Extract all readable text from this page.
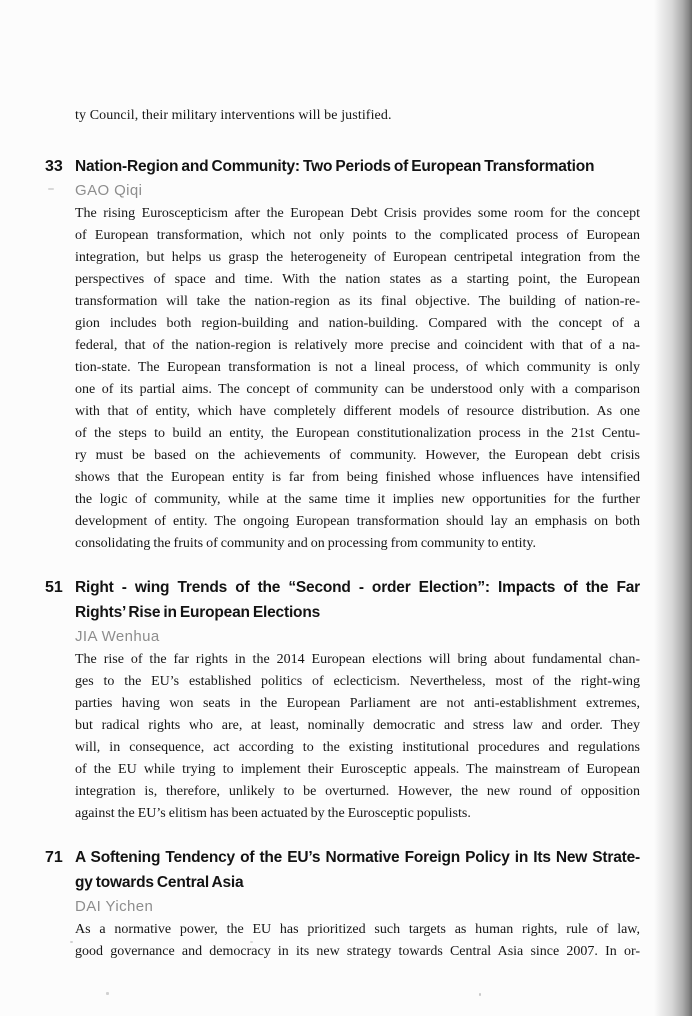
ty Council, their military interventions will be justified.

33 Nation-Region and Community: Two Periods of European Transformation
GAO Qiqi
The rising Euroscepticism after the European Debt Crisis provides some room for the concept
of European transformation, which not only points to the complicated process of European
integration, but helps us grasp the heterogeneity of European centripetal integration from the
perspectives of space and time. With the nation states as a starting point, the European
transformation will take the nation-region as its final objective. The building of nation-re-
gion includes both region-building and nation-building. Compared with the concept of a
federal, that of the nation-region is relatively more precise and coincident with that of a na-
tion-state. The European transformation is not a lineal process, of which community is only
one of its partial aims. The concept of community can be understood only with a comparison
with that of entity, which have completely different models of resource distribution. As one
of the steps to build an entity, the European constitutionalization process in the 21st Centu-
ry must be based on the achievements of community. However, the European debt crisis
shows that the European entity is far from being finished whose influences have intensified
the logic of community, while at the same time it implies new opportunities for the further
development of entity. The ongoing European transformation should lay an emphasis on both
consolidating the fruits of community and on processing from community to entity.
51 Right - wing Trends of the “Second - order Election”: Impacts of the Far
Rights’ Rise in European Elections
JIA Wenhua
The rise of the far rights in the 2014 European elections will bring about fundamental chan-
ges to the EU’s established politics of eclecticism. Nevertheless, most of the right-wing
parties having won seats in the European Parliament are not anti-establishment extremes,
but radical rights who are, at least, nominally democratic and stress law and order. They
will, in consequence, act according to the existing institutional procedures and regulations
of the EU while trying to implement their Eurosceptic appeals. The mainstream of European
integration is, therefore, unlikely to be overturned. However, the new round of opposition
against the EU’s elitism has been actuated by the Eurosceptic populists.
71 A Softening Tendency of the EU’s Normative Foreign Policy in Its New Strate-
gy towards Central Asia
DAI Yichen
As a normative power, the EU has prioritized such targets as human rights, rule of law,
good governance and democracy in its new strategy towards Central Asia since 2007. In or-
